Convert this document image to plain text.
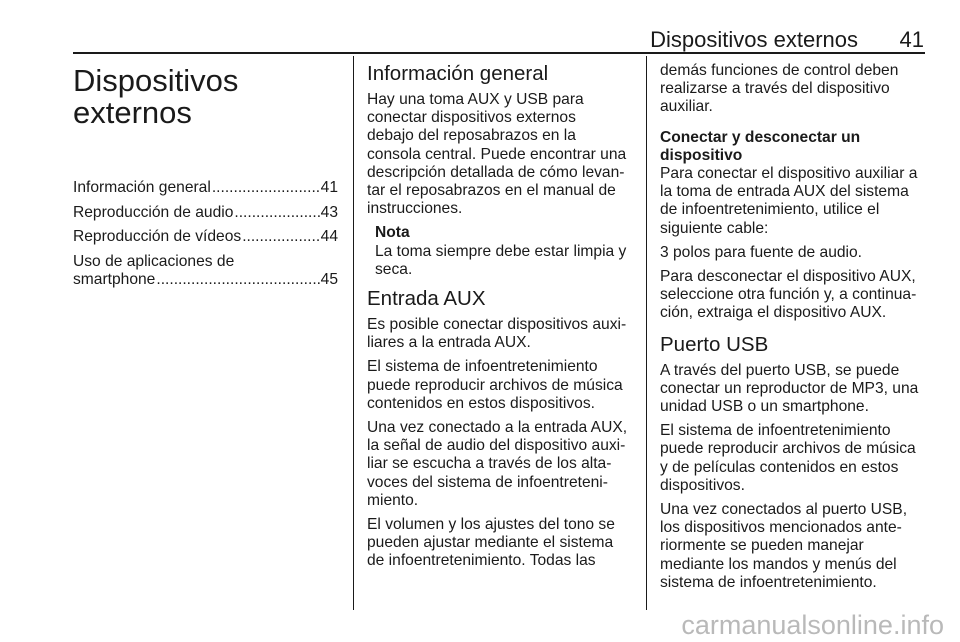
Dispositivos externos 41
Dispositivos
externos
Información general .....	41
Reproducción de audio .....	43
Reproducción de vídeos .....	44
Uso de aplicaciones de
smartphone .....	45
Información general

Hay una toma AUX y USB para
conectar dispositivos externos
debajo del reposabrazos en la
consola central. Puede encontrar una
descripción detallada de cómo levan-
tar el reposabrazos en el manual de
instrucciones.

Nota
La toma siempre debe estar limpia y
seca.
Entrada AUX

Es posible conectar dispositivos auxi-
liares a la entrada AUX.

El sistema de infoentretenimiento
puede reproducir archivos de música
contenidos en estos dispositivos.

Una vez conectado a la entrada AUX,
la señal de audio del dispositivo auxi-
liar se escucha a través de los alta-
voces del sistema de infoentreteni-
miento.

El volumen y los ajustes del tono se
pueden ajustar mediante el sistema
de infoentretenimiento. Todas las

demás funciones de control deben
realizarse a través del dispositivo
auxiliar.

Conectar y desconectar un
dispositivo

Para conectar el dispositivo auxiliar a
la toma de entrada AUX del sistema
de infoentretenimiento, utilice el
siguiente cable:

3 polos para fuente de audio.

Para desconectar el dispositivo AUX,
seleccione otra función y, a continua-
ción, extraiga el dispositivo AUX.

Puerto USB

A través del puerto USB, se puede
conectar un reproductor de MP3, una
unidad USB o un smartphone.

El sistema de infoentretenimiento
puede reproducir archivos de música
y de películas contenidos en estos
dispositivos.

Una vez conectados al puerto USB,
los dispositivos mencionados ante-
riormente se pueden manejar
mediante los mandos y menús del
sistema de infoentretenimiento.

carmanualsonline.info
